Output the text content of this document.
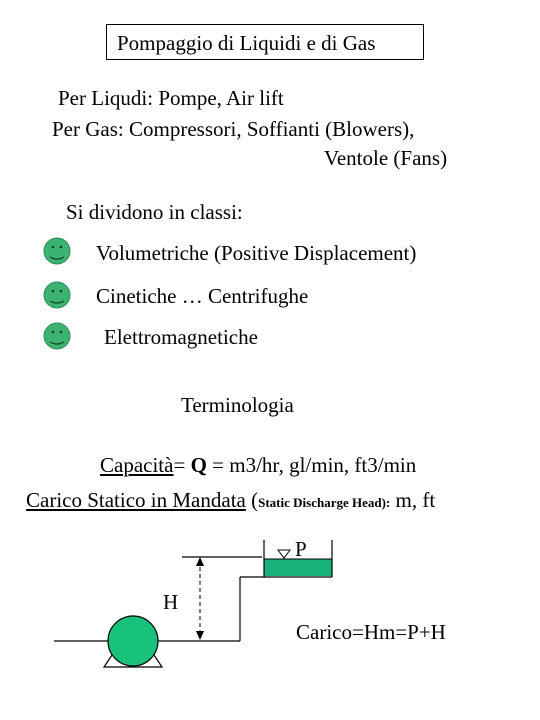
Pompaggio di Liquidi e di Gas
Per Liqudi: Pompe, Air lift
Per Gas: Compressori, Soffianti (Blowers),
Ventole (Fans)
Si dividono in classi:
Volumetriche (Positive Displacement)
Cinetiche … Centrifughe
Elettromagnetiche
Terminologia
Capacità= Q = m3/hr, gl/min, ft3/min
Carico Statico in Mandata (Static Discharge Head): m, ft
P
H
Carico=Hm=P+H
